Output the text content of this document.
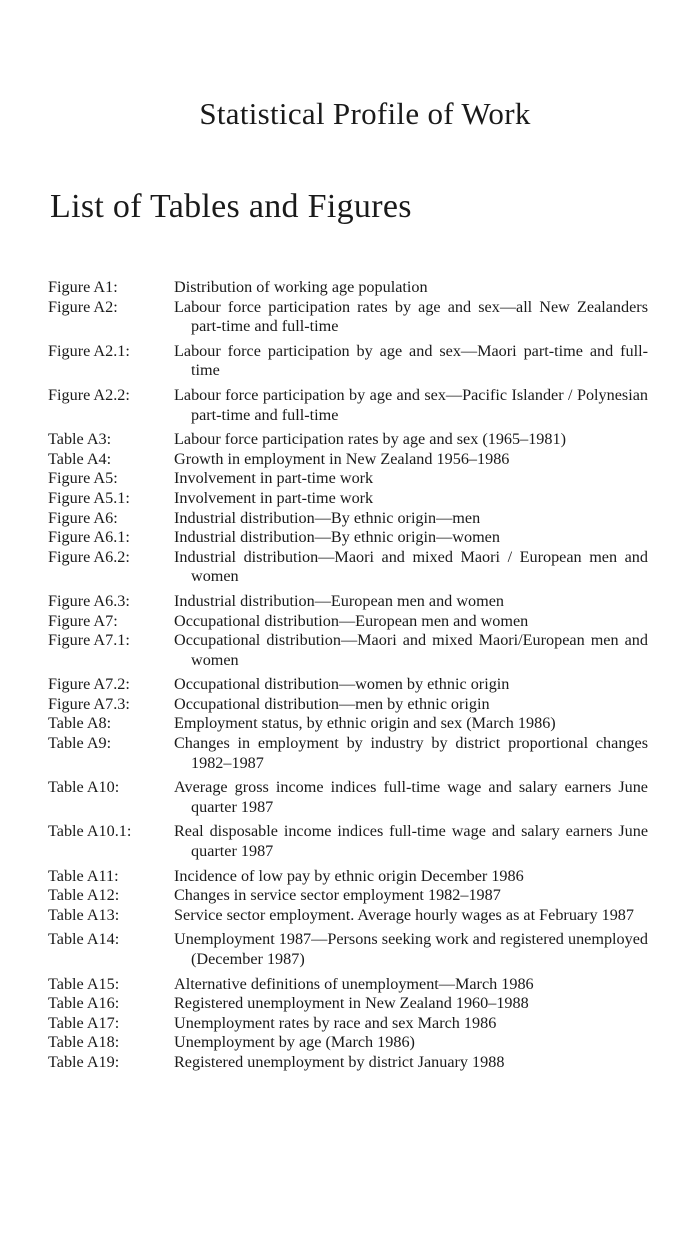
Statistical Profile of Work
List of Tables and Figures
Figure A1:	Distribution of working age population
Figure A2:	Labour force participation rates by age and sex—all New Zealanders part-time and full-time
Figure A2.1:	Labour force participation by age and sex—Maori part-time and full-time
Figure A2.2:	Labour force participation by age and sex—Pacific Islander / Polynesian part-time and full-time
Table A3:	Labour force participation rates by age and sex (1965–1981)
Table A4:	Growth in employment in New Zealand 1956–1986
Figure A5:	Involvement in part-time work
Figure A5.1:	Involvement in part-time work
Figure A6:	Industrial distribution—By ethnic origin—men
Figure A6.1:	Industrial distribution—By ethnic origin—women
Figure A6.2:	Industrial distribution—Maori and mixed Maori / European men and women
Figure A6.3:	Industrial distribution—European men and women
Figure A7:	Occupational distribution—European men and women
Figure A7.1:	Occupational distribution—Maori and mixed Maori/European men and women
Figure A7.2:	Occupational distribution—women by ethnic origin
Figure A7.3:	Occupational distribution—men by ethnic origin
Table A8:	Employment status, by ethnic origin and sex (March 1986)
Table A9:	Changes in employment by industry by district proportional changes 1982–1987
Table A10:	Average gross income indices full-time wage and salary earners June quarter 1987
Table A10.1:	Real disposable income indices full-time wage and salary earners June quarter 1987
Table A11:	Incidence of low pay by ethnic origin December 1986
Table A12:	Changes in service sector employment 1982–1987
Table A13:	Service sector employment. Average hourly wages as at February 1987
Table A14:	Unemployment 1987—Persons seeking work and registered unemployed (December 1987)
Table A15:	Alternative definitions of unemployment—March 1986
Table A16:	Registered unemployment in New Zealand 1960–1988
Table A17:	Unemployment rates by race and sex March 1986
Table A18:	Unemployment by age (March 1986)
Table A19:	Registered unemployment by district January 1988
